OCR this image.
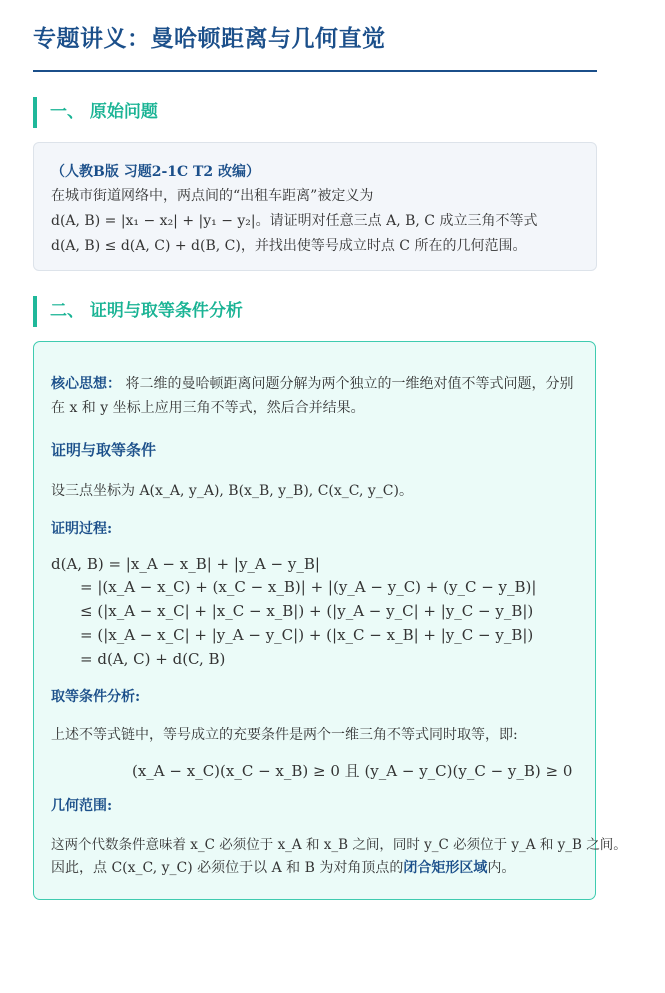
专题讲义：曼哈顿距离与几何直觉
一、 原始问题
（人教B版 习题2-1C T2 改编）
在城市街道网络中，两点间的“出租车距离”被定义为
d(A, B) = |x₁ − x₂| + |y₁ − y₂|。请证明对任意三点 A, B, C 成立三角不等式
d(A, B) ≤ d(A, C) + d(B, C)，并找出使等号成立时点 C 所在的几何范围。
二、 证明与取等条件分析
核心思想： 将二维的曼哈顿距离问题分解为两个独立的一维绝对值不等式问题，分别
在 x 和 y 坐标上应用三角不等式，然后合并结果。
证明与取等条件
设三点坐标为 A(x_A, y_A), B(x_B, y_B), C(x_C, y_C)。
证明过程:
d(A, B) = |x_A − x_B| + |y_A − y_B|
= |(x_A − x_C) + (x_C − x_B)| + |(y_A − y_C) + (y_C − y_B)|
≤ (|x_A − x_C| + |x_C − x_B|) + (|y_A − y_C| + |y_C − y_B|)
= (|x_A − x_C| + |y_A − y_C|) + (|x_C − x_B| + |y_C − y_B|)
= d(A, C) + d(C, B)
取等条件分析:
上述不等式链中，等号成立的充要条件是两个一维三角不等式同时取等，即:
(x_A − x_C)(x_C − x_B) ≥ 0 且 (y_A − y_C)(y_C − y_B) ≥ 0
几何范围:
这两个代数条件意味着 x_C 必须位于 x_A 和 x_B 之间，同时 y_C 必须位于 y_A 和 y_B 之间。
因此，点 C(x_C, y_C) 必须位于以 A 和 B 为对角顶点的闭合矩形区域内。
